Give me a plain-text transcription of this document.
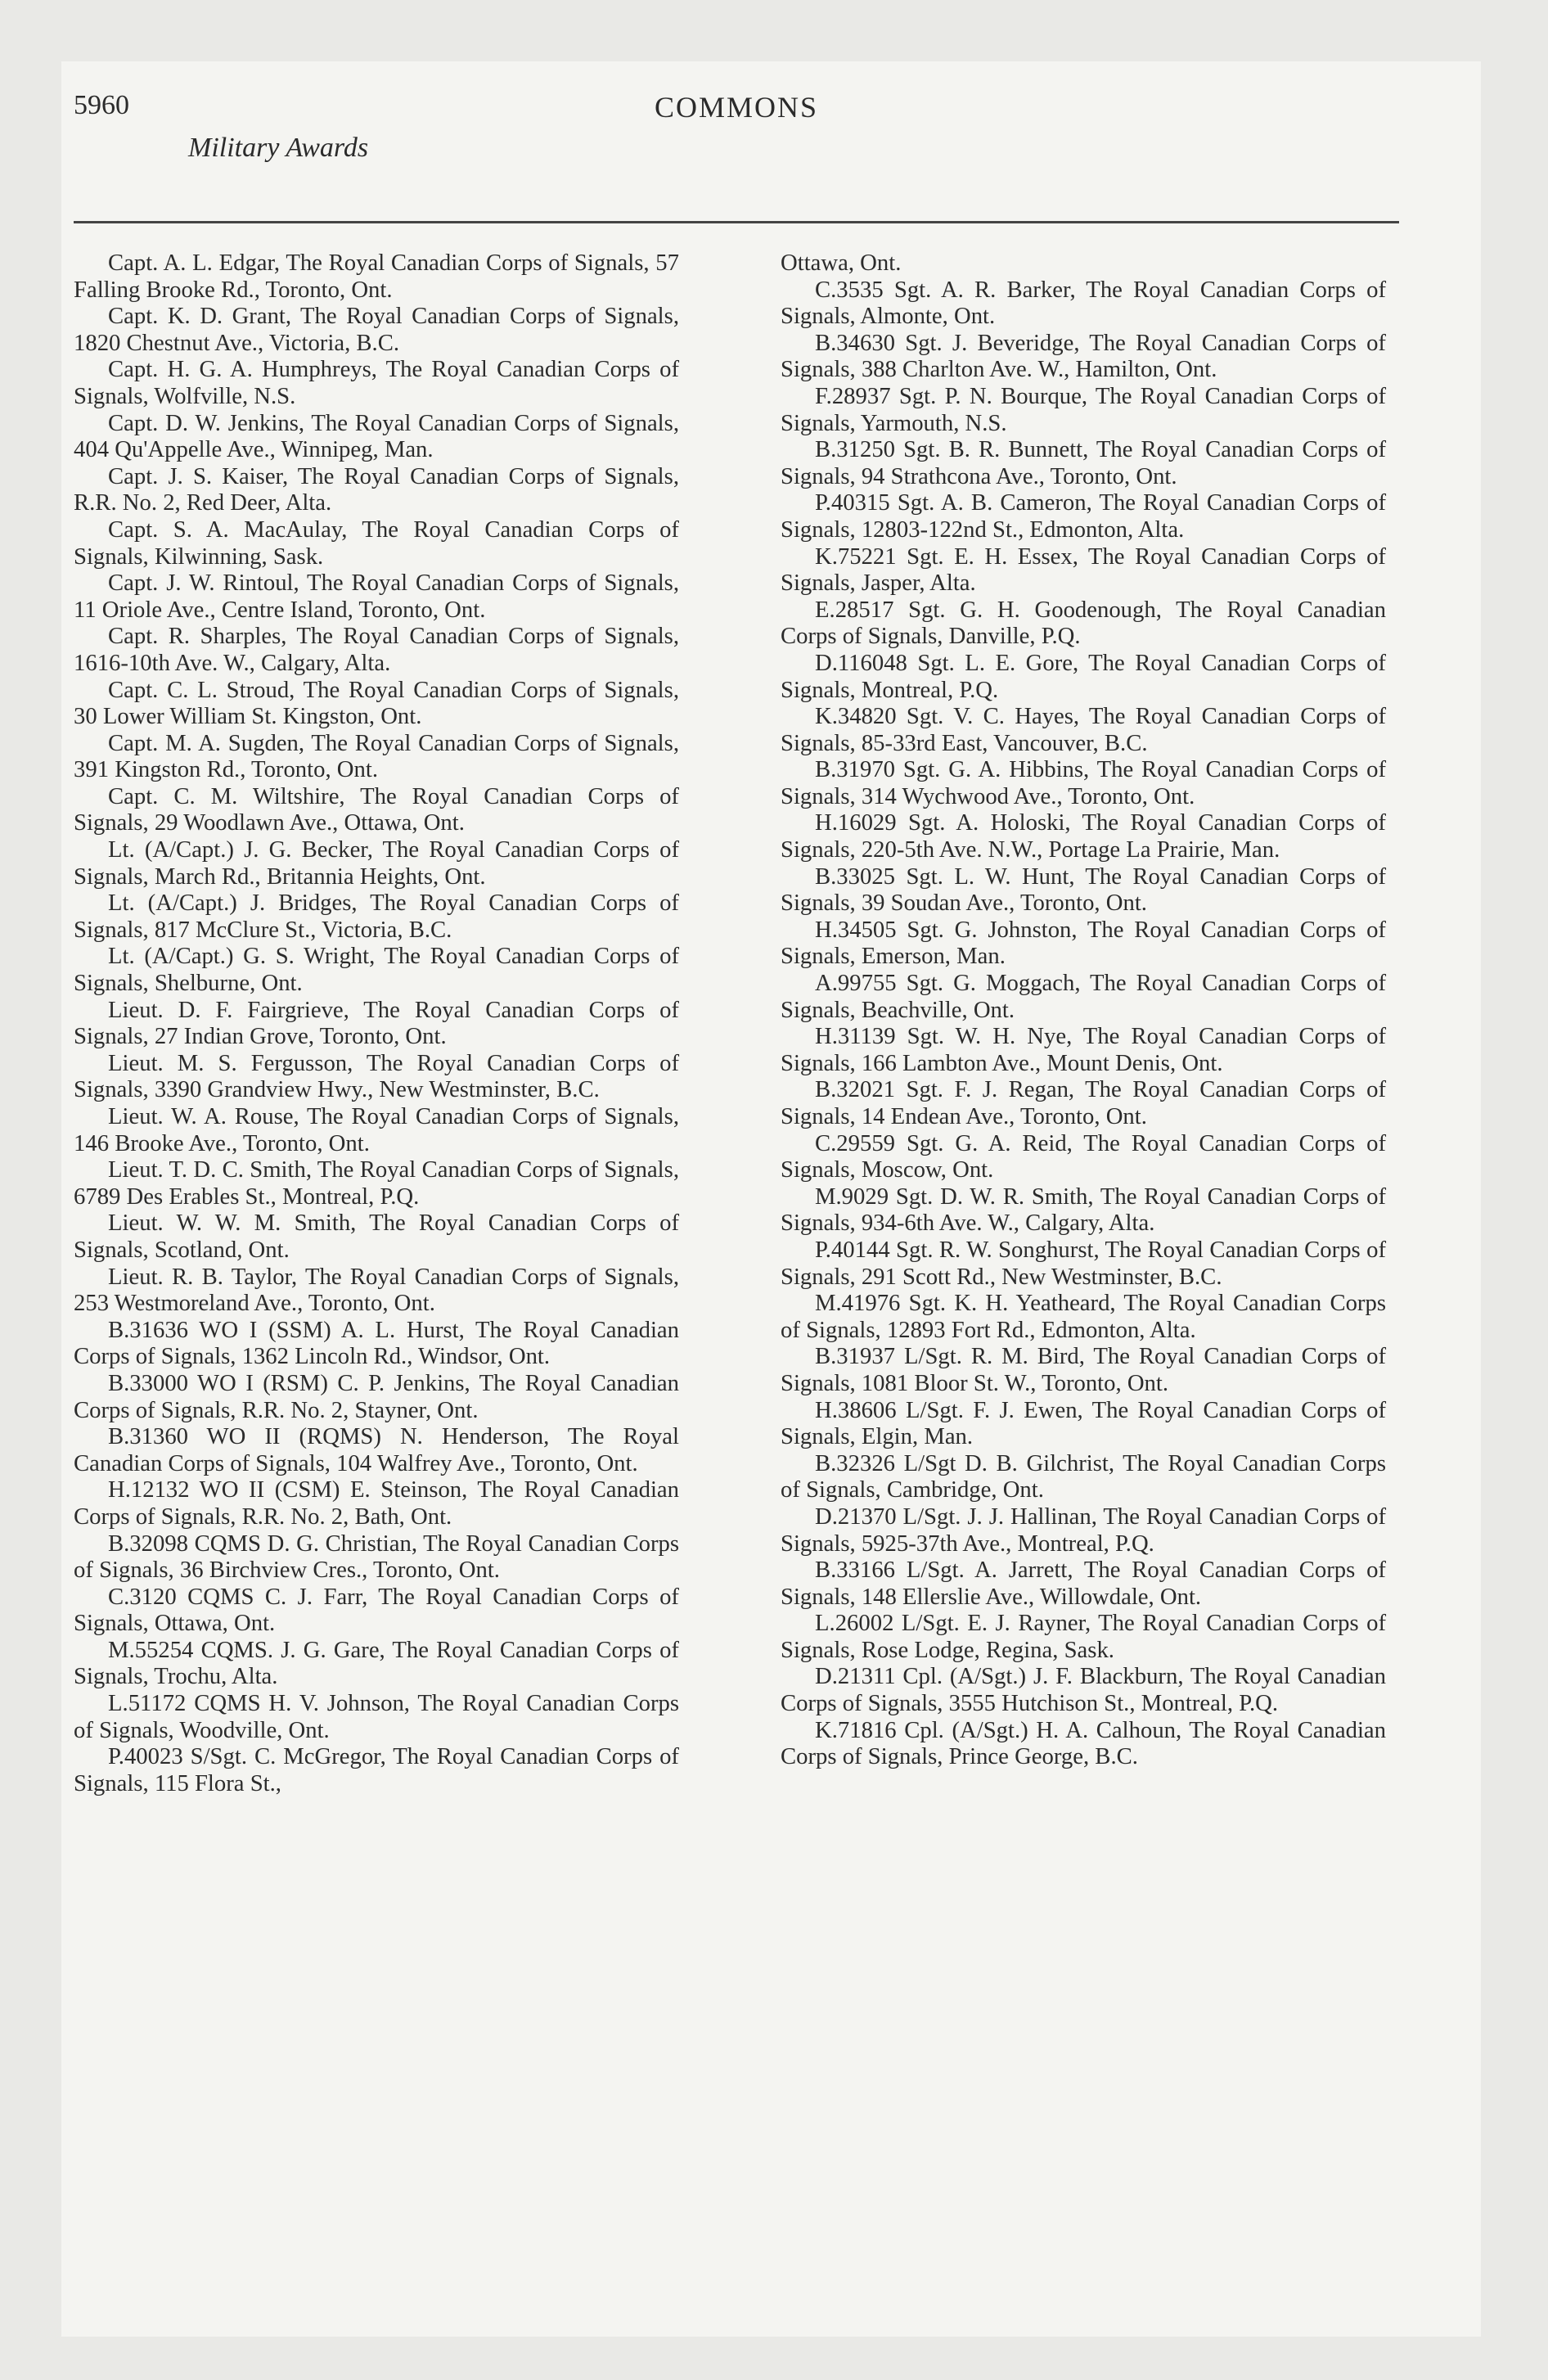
5960	COMMONS
Military Awards

Capt. A. L. Edgar, The Royal Canadian Corps of Signals, 57 Falling Brooke Rd., Toronto, Ont.

Capt. K. D. Grant, The Royal Canadian Corps of Signals, 1820 Chestnut Ave., Victoria, B.C.

Capt. H. G. A. Humphreys, The Royal Canadian Corps of Signals, Wolfville, N.S.

Capt. D. W. Jenkins, The Royal Canadian Corps of Signals, 404 Qu'Appelle Ave., Winnipeg, Man.

Capt. J. S. Kaiser, The Royal Canadian Corps of Signals, R.R. No. 2, Red Deer, Alta.

Capt. S. A. MacAulay, The Royal Canadian Corps of Signals, Kilwinning, Sask.

Capt. J. W. Rintoul, The Royal Canadian Corps of Signals, 11 Oriole Ave., Centre Island, Toronto, Ont.

Capt. R. Sharples, The Royal Canadian Corps of Signals, 1616-10th Ave. W., Calgary, Alta.

Capt. C. L. Stroud, The Royal Canadian Corps of Signals, 30 Lower William St. Kingston, Ont.

Capt. M. A. Sugden, The Royal Canadian Corps of Signals, 391 Kingston Rd., Toronto, Ont.

Capt. C. M. Wiltshire, The Royal Canadian Corps of Signals, 29 Woodlawn Ave., Ottawa, Ont.

Lt. (A/Capt.) J. G. Becker, The Royal Canadian Corps of Signals, March Rd., Britannia Heights, Ont.

Lt. (A/Capt.) J. Bridges, The Royal Canadian Corps of Signals, 817 McClure St., Victoria, B.C.

Lt. (A/Capt.) G. S. Wright, The Royal Canadian Corps of Signals, Shelburne, Ont.

Lieut. D. F. Fairgrieve, The Royal Canadian Corps of Signals, 27 Indian Grove, Toronto, Ont.

Lieut. M. S. Fergusson, The Royal Canadian Corps of Signals, 3390 Grandview Hwy., New Westminster, B.C.

Lieut. W. A. Rouse, The Royal Canadian Corps of Signals, 146 Brooke Ave., Toronto, Ont.

Lieut. T. D. C. Smith, The Royal Canadian Corps of Signals, 6789 Des Erables St., Montreal, P.Q.

Lieut. W. W. M. Smith, The Royal Canadian Corps of Signals, Scotland, Ont.

Lieut. R. B. Taylor, The Royal Canadian Corps of Signals, 253 Westmoreland Ave., Toronto, Ont.

B.31636 WO I (SSM) A. L. Hurst, The Royal Canadian Corps of Signals, 1362 Lincoln Rd., Windsor, Ont.

B.33000 WO I (RSM) C. P. Jenkins, The Royal Canadian Corps of Signals, R.R. No. 2, Stayner, Ont.

B.31360 WO II (RQMS) N. Henderson, The Royal Canadian Corps of Signals, 104 Walfrey Ave., Toronto, Ont.

H.12132 WO II (CSM) E. Steinson, The Royal Canadian Corps of Signals, R.R. No. 2, Bath, Ont.

B.32098 CQMS D. G. Christian, The Royal Canadian Corps of Signals, 36 Birchview Cres., Toronto, Ont.

C.3120 CQMS C. J. Farr, The Royal Canadian Corps of Signals, Ottawa, Ont.

M.55254 CQMS. J. G. Gare, The Royal Canadian Corps of Signals, Trochu, Alta.

L.51172 CQMS H. V. Johnson, The Royal Canadian Corps of Signals, Woodville, Ont.

P.40023 S/Sgt. C. McGregor, The Royal Canadian Corps of Signals, 115 Flora St.,

Ottawa, Ont.

C.3535 Sgt. A. R. Barker, The Royal Canadian Corps of Signals, Almonte, Ont.

B.34630 Sgt. J. Beveridge, The Royal Canadian Corps of Signals, 388 Charlton Ave. W., Hamilton, Ont.

F.28937 Sgt. P. N. Bourque, The Royal Canadian Corps of Signals, Yarmouth, N.S.

B.31250 Sgt. B. R. Bunnett, The Royal Canadian Corps of Signals, 94 Strathcona Ave., Toronto, Ont.

P.40315 Sgt. A. B. Cameron, The Royal Canadian Corps of Signals, 12803-122nd St., Edmonton, Alta.

K.75221 Sgt. E. H. Essex, The Royal Canadian Corps of Signals, Jasper, Alta.

E.28517 Sgt. G. H. Goodenough, The Royal Canadian Corps of Signals, Danville, P.Q.

D.116048 Sgt. L. E. Gore, The Royal Canadian Corps of Signals, Montreal, P.Q.

K.34820 Sgt. V. C. Hayes, The Royal Canadian Corps of Signals, 85-33rd East, Vancouver, B.C.

B.31970 Sgt. G. A. Hibbins, The Royal Canadian Corps of Signals, 314 Wychwood Ave., Toronto, Ont.

H.16029 Sgt. A. Holoski, The Royal Canadian Corps of Signals, 220-5th Ave. N.W., Portage La Prairie, Man.

B.33025 Sgt. L. W. Hunt, The Royal Canadian Corps of Signals, 39 Soudan Ave., Toronto, Ont.

H.34505 Sgt. G. Johnston, The Royal Canadian Corps of Signals, Emerson, Man.

A.99755 Sgt. G. Moggach, The Royal Canadian Corps of Signals, Beachville, Ont.

H.31139 Sgt. W. H. Nye, The Royal Canadian Corps of Signals, 166 Lambton Ave., Mount Denis, Ont.

B.32021 Sgt. F. J. Regan, The Royal Canadian Corps of Signals, 14 Endean Ave., Toronto, Ont.

C.29559 Sgt. G. A. Reid, The Royal Canadian Corps of Signals, Moscow, Ont.

M.9029 Sgt. D. W. R. Smith, The Royal Canadian Corps of Signals, 934-6th Ave. W., Calgary, Alta.

P.40144 Sgt. R. W. Songhurst, The Royal Canadian Corps of Signals, 291 Scott Rd., New Westminster, B.C.

M.41976 Sgt. K. H. Yeatheard, The Royal Canadian Corps of Signals, 12893 Fort Rd., Edmonton, Alta.

B.31937 L/Sgt. R. M. Bird, The Royal Canadian Corps of Signals, 1081 Bloor St. W., Toronto, Ont.

H.38606 L/Sgt. F. J. Ewen, The Royal Canadian Corps of Signals, Elgin, Man.

B.32326 L/Sgt D. B. Gilchrist, The Royal Canadian Corps of Signals, Cambridge, Ont.

D.21370 L/Sgt. J. J. Hallinan, The Royal Canadian Corps of Signals, 5925-37th Ave., Montreal, P.Q.

B.33166 L/Sgt. A. Jarrett, The Royal Canadian Corps of Signals, 148 Ellerslie Ave., Willowdale, Ont.

L.26002 L/Sgt. E. J. Rayner, The Royal Canadian Corps of Signals, Rose Lodge, Regina, Sask.

D.21311 Cpl. (A/Sgt.) J. F. Blackburn, The Royal Canadian Corps of Signals, 3555 Hutchison St., Montreal, P.Q.

K.71816 Cpl. (A/Sgt.) H. A. Calhoun, The Royal Canadian Corps of Signals, Prince George, B.C.
